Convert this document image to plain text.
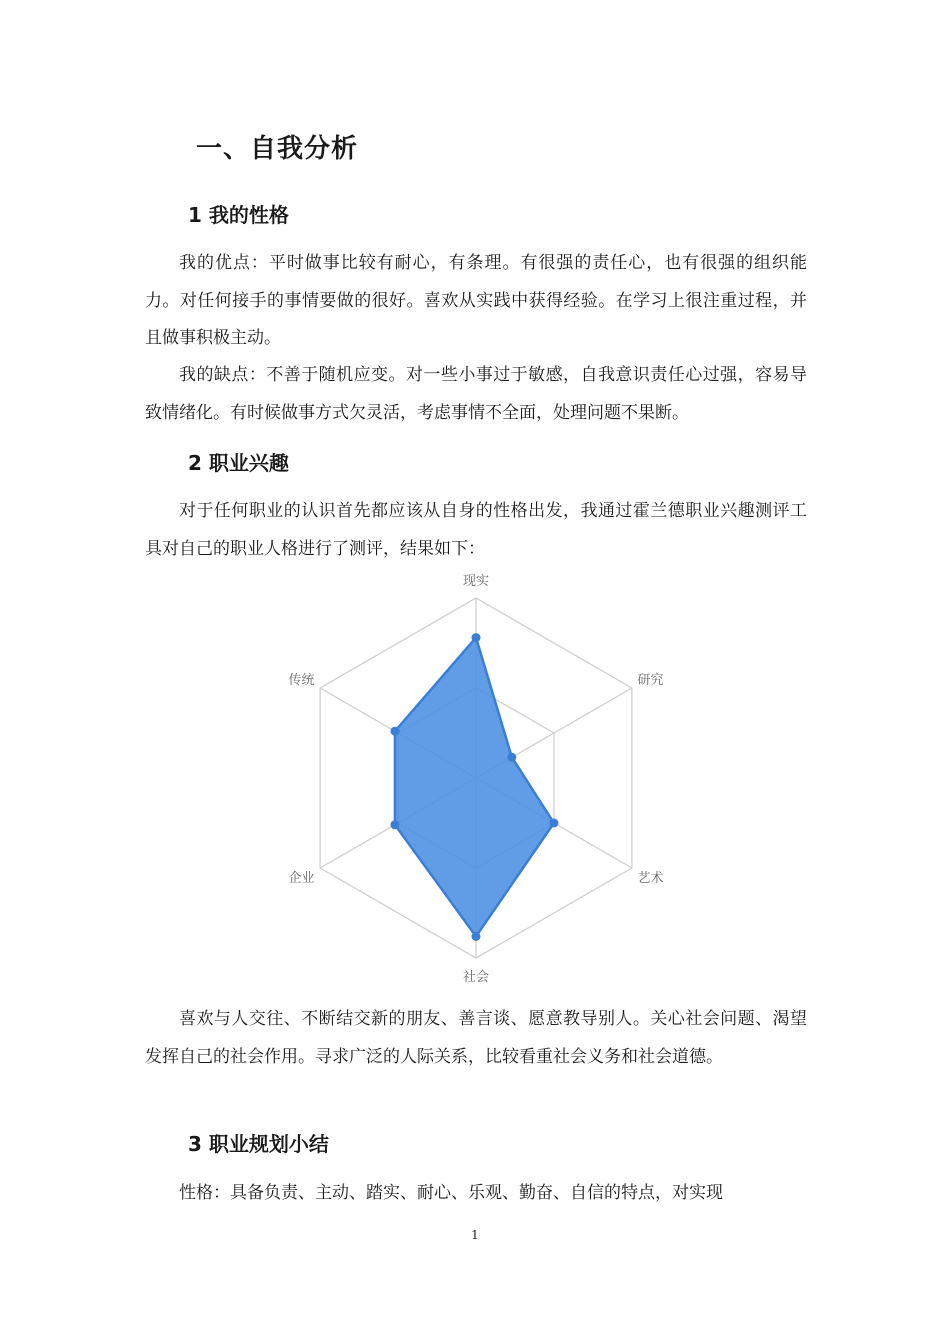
一、自我分析
1 我的性格

我的优点：平时做事比较有耐心，有条理。有很强的责任心，也有很强的组织能力。对任何接手的事情要做的很好。喜欢从实践中获得经验。在学习上很注重过程，并且做事积极主动。

我的缺点：不善于随机应变。对一些小事过于敏感，自我意识责任心过强，容易导致情绪化。有时候做事方式欠灵活，考虑事情不全面，处理问题不果断。

2 职业兴趣

对于任何职业的认识首先都应该从自身的性格出发，我通过霍兰德职业兴趣测评工具对自己的职业人格进行了测评，结果如下：

现实
研究
艺术
社会
企业
传统

喜欢与人交往、不断结交新的朋友、善言谈、愿意教导别人。关心社会问题、渴望发挥自己的社会作用。寻求广泛的人际关系，比较看重社会义务和社会道德。

3 职业规划小结

性格：具备负责、主动、踏实、耐心、乐观、勤奋、自信的特点，对实现

1
